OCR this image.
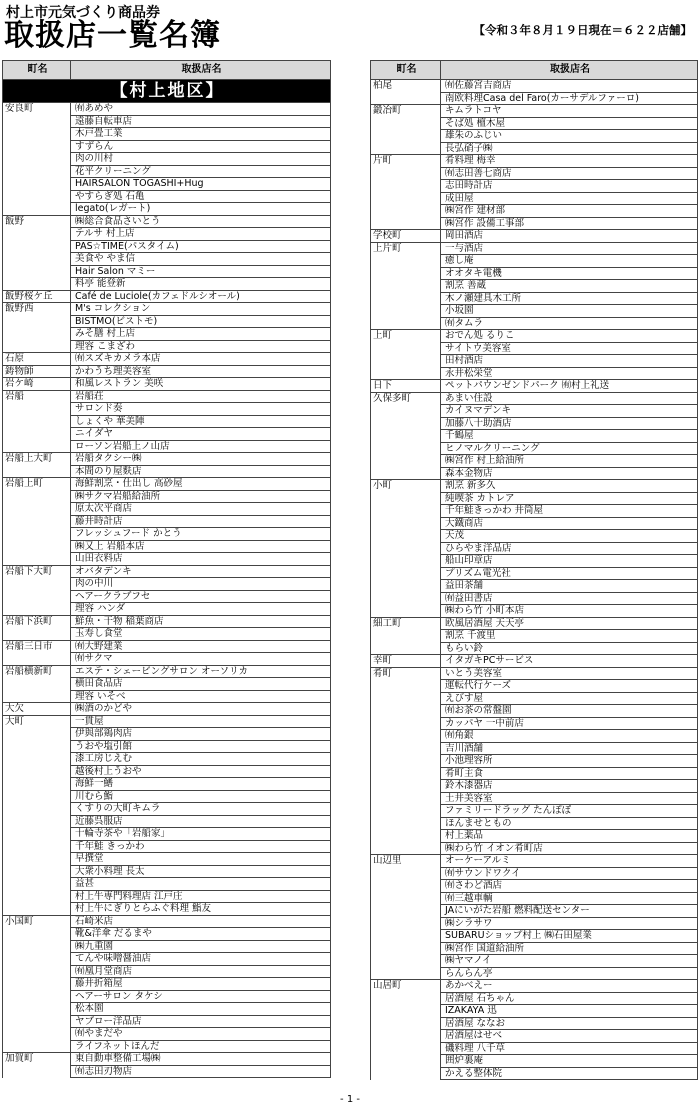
村上市元気づくり商品券
取扱店一覧名簿	【令和３年８月１９日現在＝６２２店舗】
町名	取扱店名
【村上地区】	
安良町	㈲あめや
	遠藤自転車店
	木戸畳工業
	すずらん
	肉の川村
	花平クリーニング
	HAIRSALON TOGASHI+Hug
	やすらぎ処 石亀
	legato(レガート)
飯野	㈱総合食品さいとう
	テルサ 村上店
	PAS☆TIME(パスタイム)
	美食や やま信
	Hair Salon マミー
	料亭 能登新
飯野桜ケ丘	Café de Luciole(カフェドルシオール)
飯野西	M's コレクション
	BISTMO(ビストモ)
	みそ膳 村上店
	理容 こまざわ
石原	㈲スズキカメラ本店
鋳物師	かわうち理美容室
岩ケ崎	和風レストラン 美咲
岩船	岩船荘
	サロンド奏
	しょくや 華美陣
	ニイダヤ
	ローソン岩船上ノ山店
岩船上大町	岩船タクシー㈱
	本間のり屋麩店
岩船上町	海鮮割烹・仕出し 高砂屋
	㈱サクマ岩船給油所
	原太次平商店
	藤井時計店
	フレッシュフード かとう
	㈱又上 岩船本店
	山田衣料店
岩船下大町	オバタデンキ
	肉の中川
	ヘアークラブフセ
	理容 ハンダ
岩船下浜町	鮮魚・干物 稲葉商店
	玉寿し食堂
岩船三日市	㈲大野建業
	㈲サクマ
岩船横新町	エステ・シェービングサロン オーソリカ
	横田食品店
	理容 いそべ
大欠	㈱酒のかどや
大町	一貫屋
	伊與部鶏肉店
	うおや塩引館
	漆工房じえむ
	越後村上うおや
	海鮮一鰭
	川むら鮨
	くすりの大町キムラ
	近藤呉服店
	十輪寺茶や「岩船家」
	千年鮭 きっかわ
	早撰堂
	大衆小料理 長太
	益甚
	村上牛専門料理店 江戸庄
	村上牛にぎりとらふぐ料理 鮨友
小国町	石崎米店
	靴&洋傘 だるまや
	㈱九重園
	てんや味噌醤油店
	㈲凰月堂商店
	藤井折箱屋
	ヘアーサロン タケシ
	松本園
	ヤブロー洋品店
	㈲やまだや
	ライフネットほんだ
加賀町	東自動車整備工場㈱
	㈲志田刃物店
町名	取扱店名
柏尾	㈲佐藤宮吉商店
	南欧料理Casa del Faro(カーサデルファーロ)
鍛冶町	キムラトコヤ
	そば処 檀木屋
	雄朱のふじい
	長弘硝子㈱
片町	肴料理 梅幸
	㈲志田善七商店
	志田時計店
	成田屋
	㈱宮作 建材部
	㈱宮作 設備工事部
学校町	岡田酒店
上片町	一与酒店
	癒し庵
	オオタキ電機
	割烹 善蔵
	木ノ瀬建具木工所
	小坂園
	㈲タムラ
上町	おでん処 るりこ
	サイトウ美容室
	田村酒店
	永井松栄堂
日下	ペットパウンゼンドパーク ㈲村上礼送
久保多町	あまい住設
	カイヌマデンキ
	加藤八十助酒店
	千鶴屋
	ヒノマルクリーニング
	㈱宮作 村上給油所
	森本金物店
小町	割烹 新多久
	純喫茶 カトレア
	千年鮭きっかわ 井筒屋
	大鐵商店
	天茂
	ひらやま洋品店
	船山印章店
	プリズム電光社
	益田茶舗
	㈲益田書店
	㈱わら竹 小町本店
細工町	欧風居酒屋 天天亭
	割烹 千渡里
	もらい鈴
幸町	イタガキPCサービス
肴町	いとう美容室
	運転代行ケーズ
	えびす屋
	㈲お茶の常盤園
	カッパヤ 一中前店
	㈲角銀
	吉川酒舗
	小池理容所
	肴町主食
	鈴木漆器店
	土井美容室
	ファミリードラッグ たんぽぽ
	ほんませともの
	村上薬品
	㈱わら竹 イオン肴町店
山辺里	オーケーアルミ
	㈲サウンドワクイ
	㈲さわど酒店
	㈲三越車輌
	JAにいがた岩船 燃料配送センター
	㈱シラサワ
	SUBARUショップ村上 ㈱石田屋業
	㈱宮作 国道給油所
	㈱ヤマノイ
	らんらん亭
山居町	あかべえー
	居酒屋 石ちゃん
	IZAKAYA 迅
	居酒屋 ななお
	居酒屋はせべ
	磯料理 八千草
	囲炉裏庵
	かえる整体院
- 1 -
